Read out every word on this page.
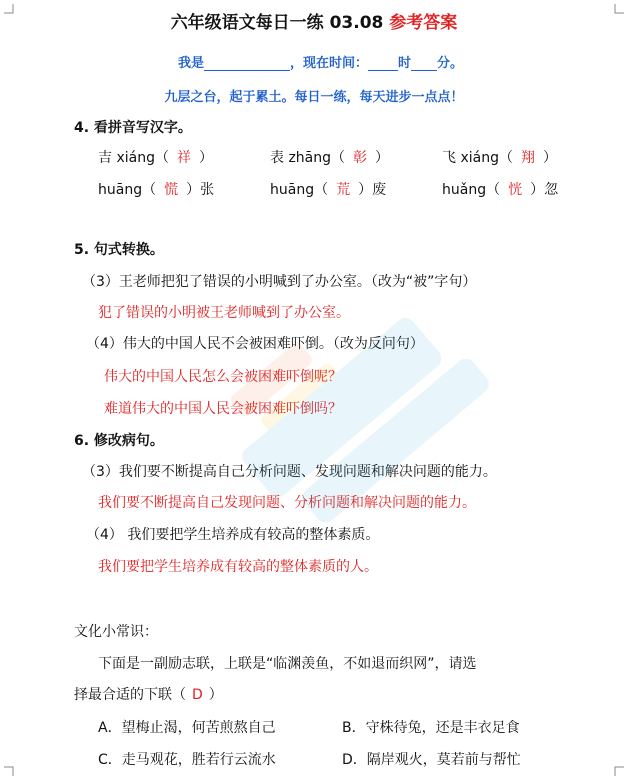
六年级语文每日一练 03.08 参考答案
我是	，现在时间： 时 分。
九层之台，起于累土。每日一练，每天进步一点点！
4. 看拼音写汉字。
吉 xiáng（ 祥 ）	表 zhāng（ 彰 ）	飞 xiáng（ 翔 ）
huāng（ 慌 ）张	huāng（ 荒 ）废	huǎng（ 恍 ）忽
5. 句式转换。
（3）王老师把犯了错误的小明喊到了办公室。（改为“被”字句）
犯了错误的小明被王老师喊到了办公室。
（4）伟大的中国人民不会被困难吓倒。（改为反问句）
伟大的中国人民怎么会被困难吓倒呢？
难道伟大的中国人民会被困难吓倒吗？
6. 修改病句。
（3）我们要不断提高自己分析问题、发现问题和解决问题的能力。
我们要不断提高自己发现问题、分析问题和解决问题的能力。
（4） 我们要把学生培养成有较高的整体素质。
我们要把学生培养成有较高的整体素质的人。
文化小常识：
下面是一副励志联，上联是“临渊羡鱼，不如退而织网”，请选
择最合适的下联（ D ）
A．望梅止渴，何苦煎熬自己	B．守株待兔，还是丰衣足食
C．走马观花，胜若行云流水	D．隔岸观火，莫若前与帮忙
